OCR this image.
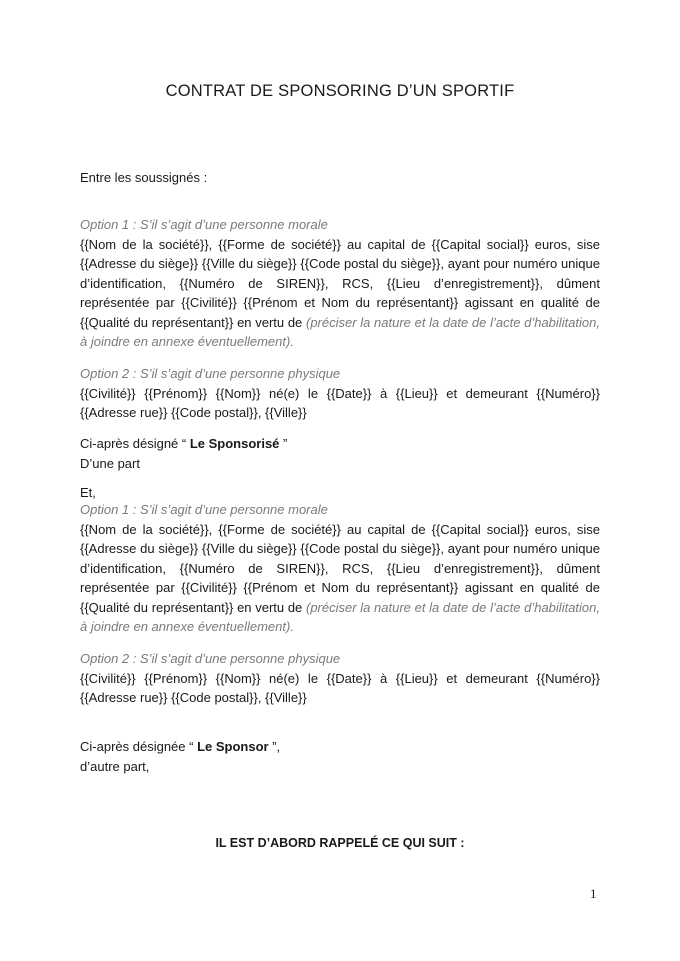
CONTRAT DE SPONSORING D’UN SPORTIF
Entre les soussignés :
Option 1 : S’il s’agit d’une personne morale
{{Nom de la société}}, {{Forme de société}} au capital de {{Capital social}} euros, sise {{Adresse du siège}} {{Ville du siège}} {{Code postal du siège}}, ayant pour numéro unique d’identification, {{Numéro de SIREN}}, RCS, {{Lieu d’enregistrement}}, dûment représentée par {{Civilité}} {{Prénom et Nom du représentant}} agissant en qualité de {{Qualité du représentant}} en vertu de (préciser la nature et la date de l’acte d’habilitation, à joindre en annexe éventuellement).
Option 2 : S’il s’agit d’une personne physique
{{Civilité}} {{Prénom}} {{Nom}} né(e) le {{Date}} à {{Lieu}} et demeurant {{Numéro}} {{Adresse rue}} {{Code postal}}, {{Ville}}
Ci-après désigné “ Le Sponsorisé ”
D’une part
Et,
Option 1 : S’il s’agit d’une personne morale
{{Nom de la société}}, {{Forme de société}} au capital de {{Capital social}} euros, sise {{Adresse du siège}} {{Ville du siège}} {{Code postal du siège}}, ayant pour numéro unique d’identification, {{Numéro de SIREN}}, RCS, {{Lieu d’enregistrement}}, dûment représentée par {{Civilité}} {{Prénom et Nom du représentant}} agissant en qualité de {{Qualité du représentant}} en vertu de (préciser la nature et la date de l’acte d’habilitation, à joindre en annexe éventuellement).
Option 2 : S’il s’agit d’une personne physique
{{Civilité}} {{Prénom}} {{Nom}} né(e) le {{Date}} à {{Lieu}} et demeurant {{Numéro}} {{Adresse rue}} {{Code postal}}, {{Ville}}
Ci-après désignée “ Le Sponsor ”,
d’autre part,
IL EST D’ABORD RAPPELÉ CE QUI SUIT :
1
